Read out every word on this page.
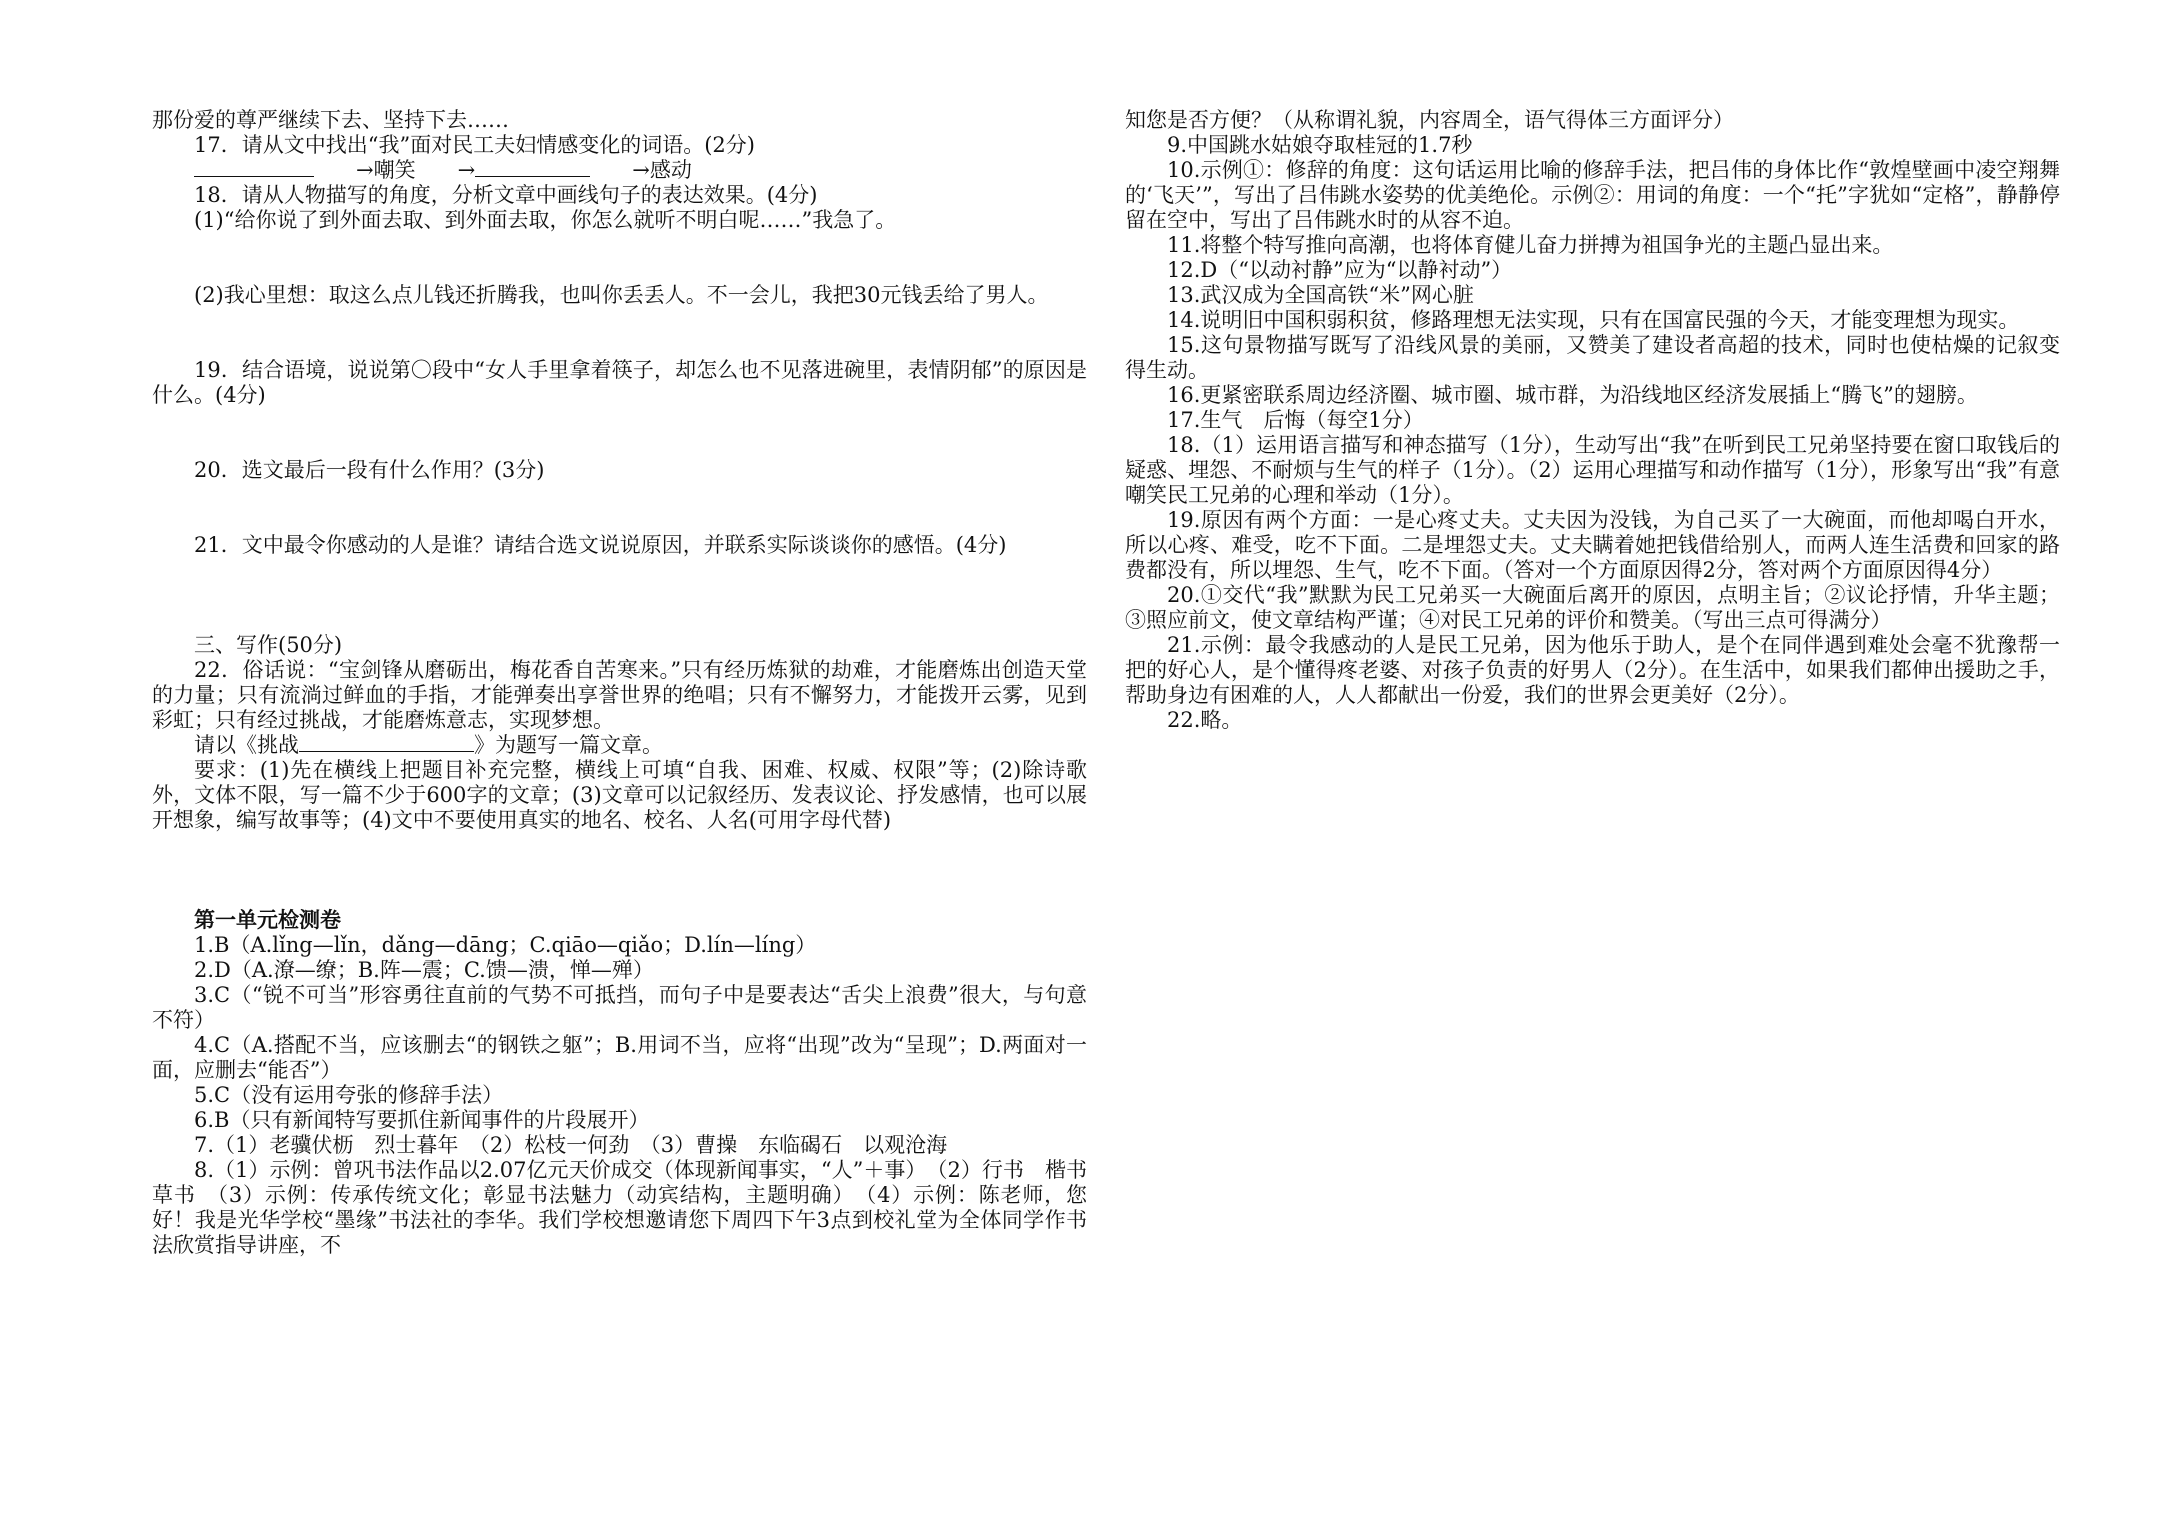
那份爱的尊严继续下去、坚持下去……

17．请从文中找出“我”面对民工夫妇情感变化的词语。(2分)

→嘲笑 →	→感动

18．请从人物描写的角度，分析文章中画线句子的表达效果。(4分)

(1)“给你说了到外面去取、到外面去取，你怎么就听不明白呢……”我急了。

(2)我心里想：取这么点儿钱还折腾我，也叫你丢丢人。不一会儿，我把30元钱丢给了男人。

19．结合语境，说说第〇段中“女人手里拿着筷子，却怎么也不见落进碗里，表情阴郁”的原因是什么。(4分)

20．选文最后一段有什么作用？(3分)

21．文中最令你感动的人是谁？请结合选文说说原因，并联系实际谈谈你的感悟。(4分)

三、写作(50分)

22．俗话说：“宝剑锋从磨砺出，梅花香自苦寒来。”只有经历炼狱的劫难，才能磨炼出创造天堂的力量；只有流淌过鲜血的手指，才能弹奏出享誉世界的绝唱；只有不懈努力，才能拨开云雾，见到彩虹；只有经过挑战，才能磨炼意志，实现梦想。

请以《挑战	》为题写一篇文章。

要求：(1)先在横线上把题目补充完整，横线上可填“自我、困难、权威、权限”等；(2)除诗歌外，文体不限，写一篇不少于600字的文章；(3)文章可以记叙经历、发表议论、抒发感情，也可以展开想象，编写故事等；(4)文中不要使用真实的地名、校名、人名(可用字母代替)

第一单元检测卷

1.B（A.lǐng—lǐn，dǎng—dāng；C.qiāo—qiǎo；D.lín—líng）

2.D（A.潦—缭；B.阵—震；C.馈—溃，惮—殚）

3.C（“锐不可当”形容勇往直前的气势不可抵挡，而句子中是要表达“舌尖上浪费”很大，与句意不符）

4.C（A.搭配不当，应该删去“的钢铁之躯”；B.用词不当，应将“出现”改为“呈现”；D.两面对一面，应删去“能否”）

5.C（没有运用夸张的修辞手法）

6.B（只有新闻特写要抓住新闻事件的片段展开）

7.（1）老骥伏枥　烈士暮年　（2）松枝一何劲　（3）曹操　东临碣石　以观沧海

8.（1）示例：曾巩书法作品以2.07亿元天价成交（体现新闻事实，“人”＋事）　（2）行书　楷书　草书　（3）示例：传承传统文化；彰显书法魅力（动宾结构，主题明确）　（4）示例：陈老师，您好！我是光华学校“墨缘”书法社的李华。我们学校想邀请您下周四下午3点到校礼堂为全体同学作书法欣赏指导讲座，不

知您是否方便？（从称谓礼貌，内容周全，语气得体三方面评分）

9.中国跳水姑娘夺取桂冠的1.7秒

10.示例①：修辞的角度：这句话运用比喻的修辞手法，把吕伟的身体比作“敦煌壁画中凌空翔舞的‘飞天’”，写出了吕伟跳水姿势的优美绝伦。示例②：用词的角度：一个“托”字犹如“定格”，静静停留在空中，写出了吕伟跳水时的从容不迫。

11.将整个特写推向高潮，也将体育健儿奋力拼搏为祖国争光的主题凸显出来。

12.D（“以动衬静”应为“以静衬动”）

13.武汉成为全国高铁“米”网心脏

14.说明旧中国积弱积贫，修路理想无法实现，只有在国富民强的今天，才能变理想为现实。

15.这句景物描写既写了沿线风景的美丽，又赞美了建设者高超的技术，同时也使枯燥的记叙变得生动。

16.更紧密联系周边经济圈、城市圈、城市群，为沿线地区经济发展插上“腾飞”的翅膀。

17.生气　后悔（每空1分）

18.（1）运用语言描写和神态描写（1分），生动写出“我”在听到民工兄弟坚持要在窗口取钱后的疑惑、埋怨、不耐烦与生气的样子（1分）。（2）运用心理描写和动作描写（1分），形象写出“我”有意嘲笑民工兄弟的心理和举动（1分）。

19.原因有两个方面：一是心疼丈夫。丈夫因为没钱，为自己买了一大碗面，而他却喝白开水，所以心疼、难受，吃不下面。二是埋怨丈夫。丈夫瞒着她把钱借给别人，而两人连生活费和回家的路费都没有，所以埋怨、生气，吃不下面。（答对一个方面原因得2分，答对两个方面原因得4分）

20.①交代“我”默默为民工兄弟买一大碗面后离开的原因，点明主旨；②议论抒情，升华主题；③照应前文，使文章结构严谨；④对民工兄弟的评价和赞美。（写出三点可得满分）

21.示例：最令我感动的人是民工兄弟，因为他乐于助人，是个在同伴遇到难处会毫不犹豫帮一把的好心人，是个懂得疼老婆、对孩子负责的好男人（2分）。在生活中，如果我们都伸出援助之手，帮助身边有困难的人，人人都献出一份爱，我们的世界会更美好（2分）。

22.略。
